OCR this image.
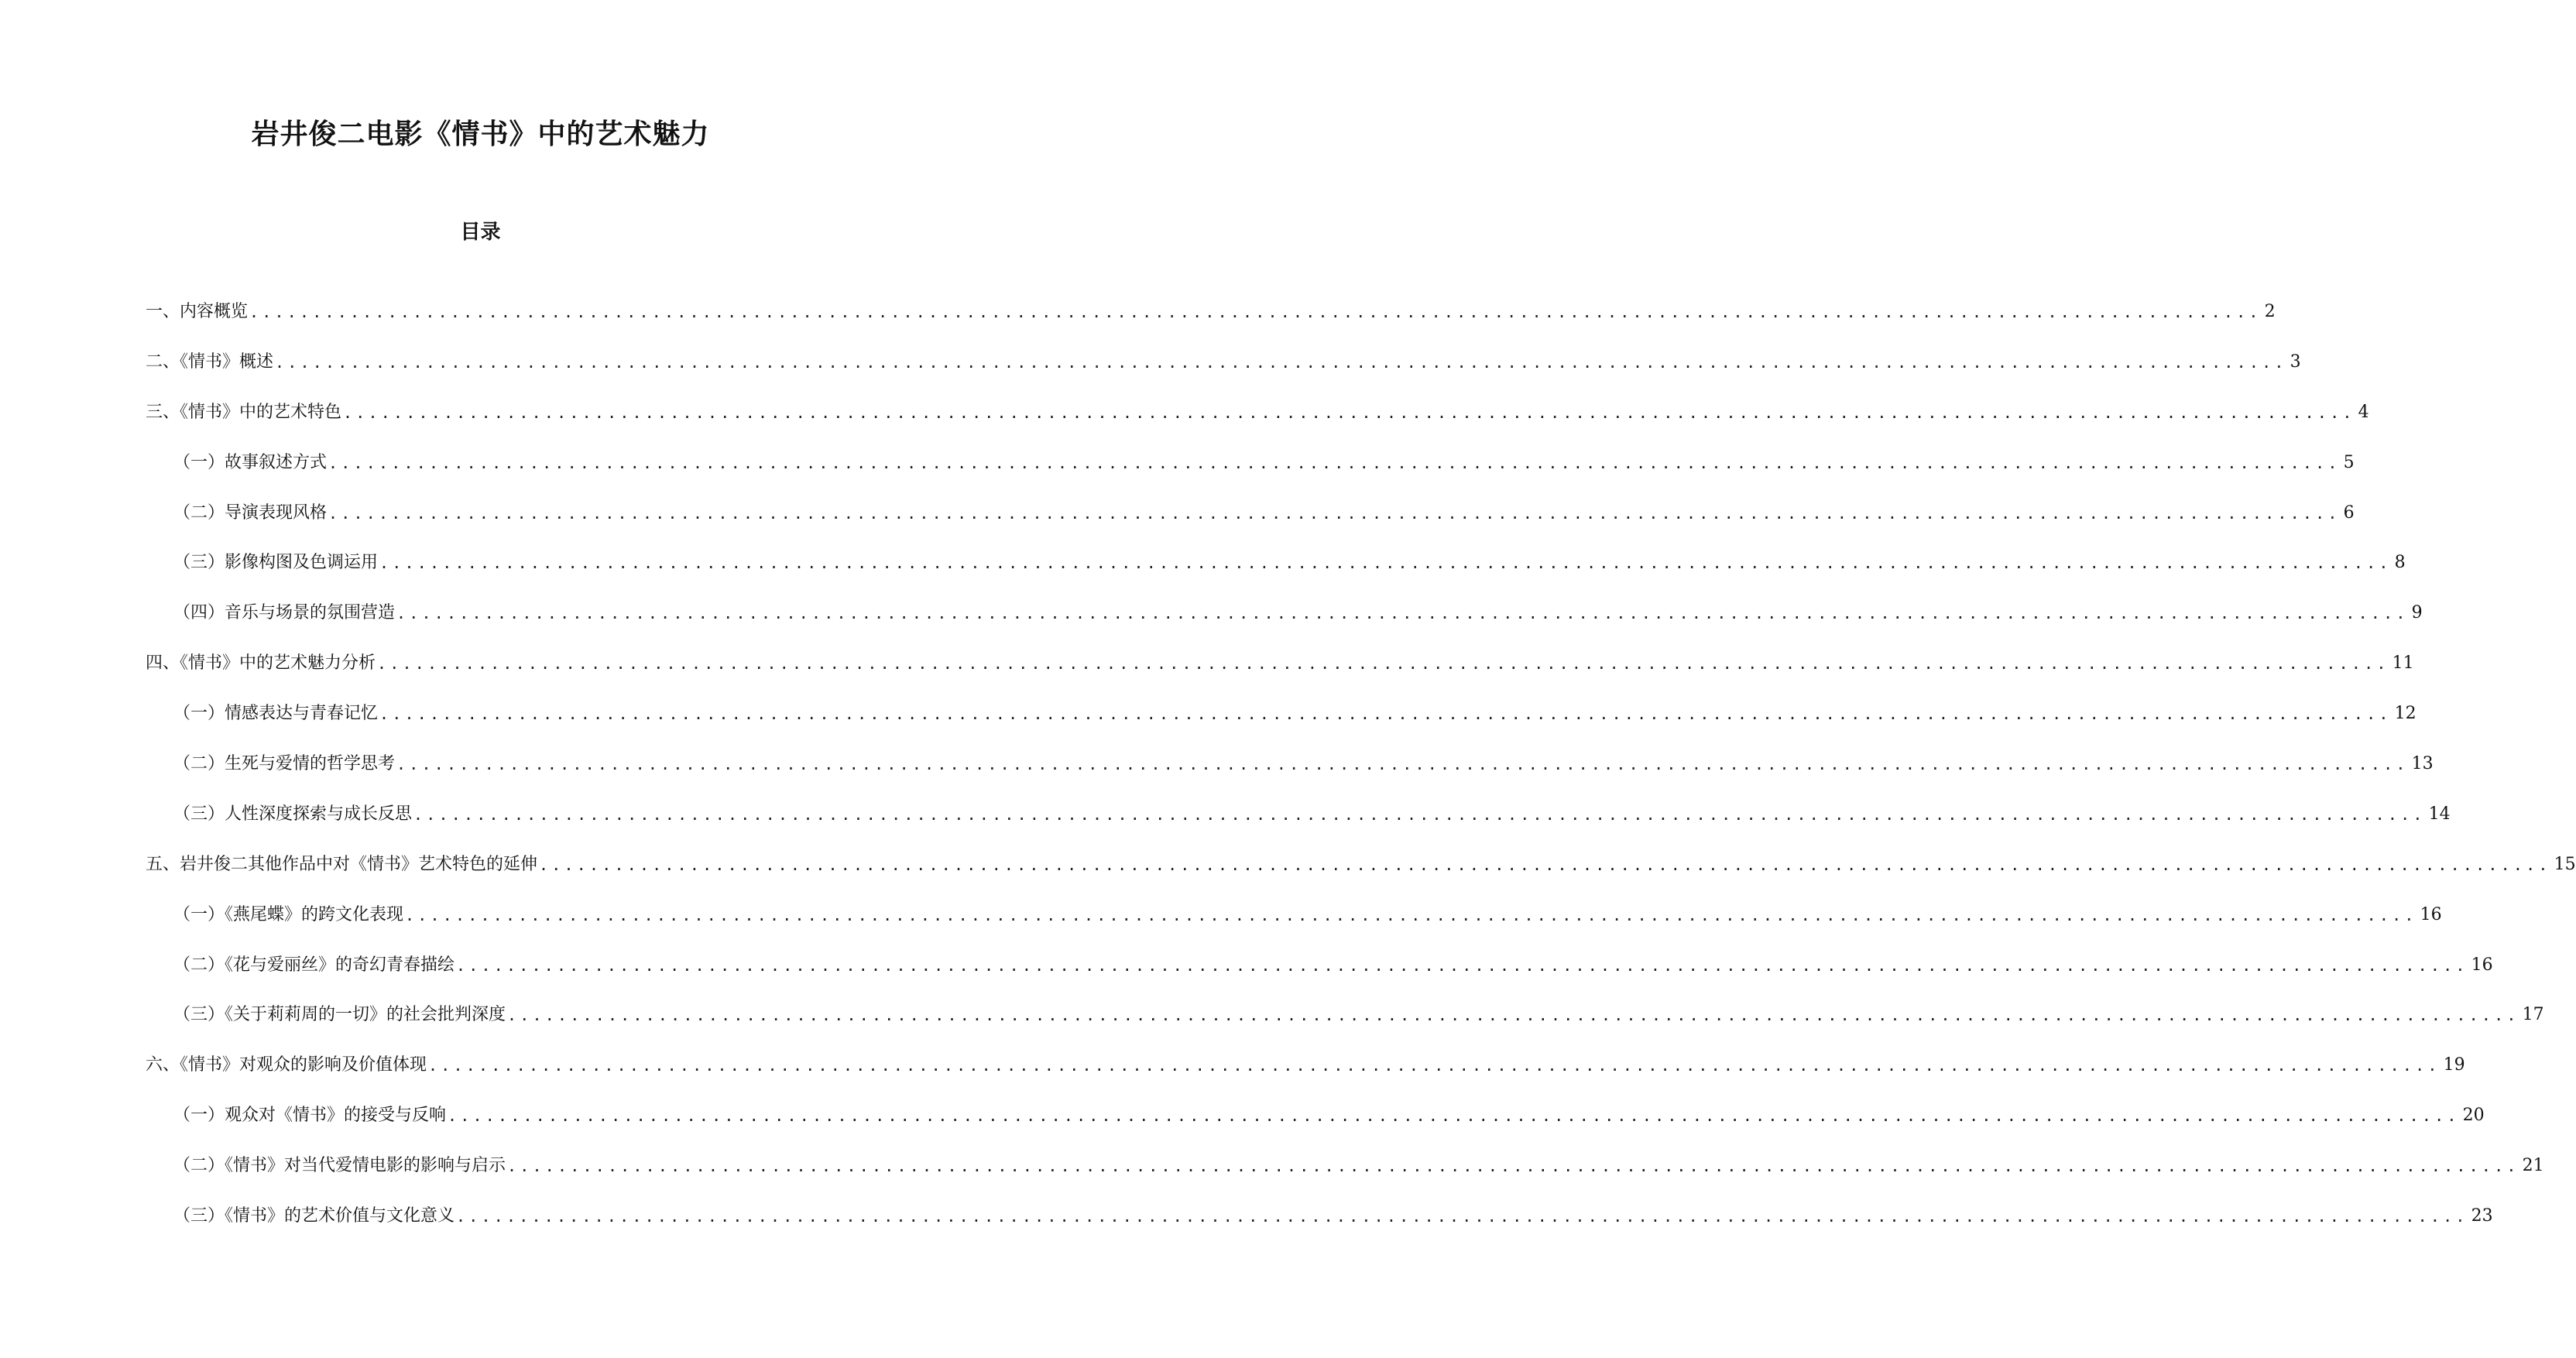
岩井俊二电影《情书》中的艺术魅力
目录
一、内容概览 ................................................................................................................................................................ 2
二、《情书》概述 ................................................................................................................................................................ 3
三、《情书》中的艺术特色 ................................................................................................................................................................ 4
（一）故事叙述方式 ................................................................................................................................................................ 5
（二）导演表现风格 ................................................................................................................................................................ 6
（三）影像构图及色调运用 ................................................................................................................................................................ 8
（四）音乐与场景的氛围营造 ................................................................................................................................................................ 9
四、《情书》中的艺术魅力分析 ................................................................................................................................................................ 11
（一）情感表达与青春记忆 ................................................................................................................................................................ 12
（二）生死与爱情的哲学思考 ................................................................................................................................................................ 13
（三）人性深度探索与成长反思 ................................................................................................................................................................ 14
五、岩井俊二其他作品中对《情书》艺术特色的延伸 ................................................................................................................................................................ 15
（一）《燕尾蝶》的跨文化表现 ................................................................................................................................................................ 16
（二）《花与爱丽丝》的奇幻青春描绘 ................................................................................................................................................................ 16
（三）《关于莉莉周的一切》的社会批判深度 ................................................................................................................................................................ 17
六、《情书》对观众的影响及价值体现 ................................................................................................................................................................ 19
（一）观众对《情书》的接受与反响 ................................................................................................................................................................ 20
（二）《情书》对当代爱情电影的影响与启示 ................................................................................................................................................................ 21
（三）《情书》的艺术价值与文化意义 ................................................................................................................................................................ 23
